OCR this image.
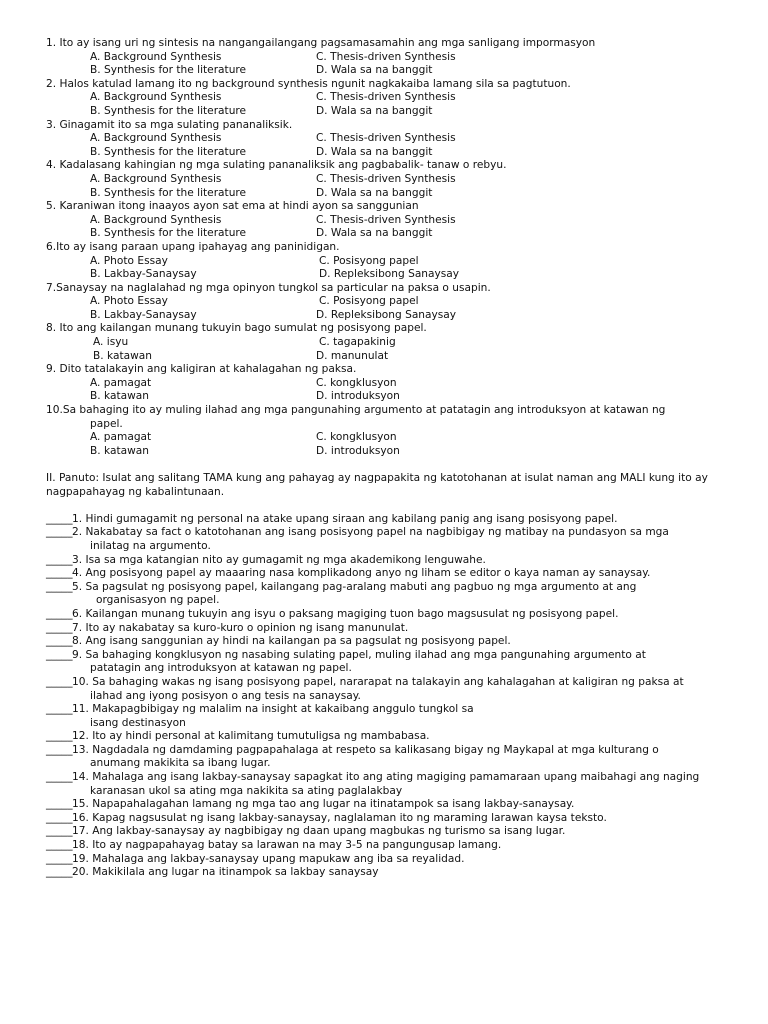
1. Ito ay isang uri ng sintesis na nangangailangang pagsamasamahin ang mga sanligang impormasyon
A. Background Synthesis	C. Thesis-driven Synthesis
B. Synthesis for the literature	D. Wala sa na banggit
2. Halos katulad lamang ito ng background synthesis ngunit nagkakaiba lamang sila sa pagtutuon.
A. Background Synthesis	C. Thesis-driven Synthesis
B. Synthesis for the literature	D. Wala sa na banggit
3. Ginagamit ito sa mga sulating pananaliksik.
A. Background Synthesis	C. Thesis-driven Synthesis
B. Synthesis for the literature	D. Wala sa na banggit
4. Kadalasang kahingian ng mga sulating pananaliksik ang pagbabalik- tanaw o rebyu.
A. Background Synthesis	C. Thesis-driven Synthesis
B. Synthesis for the literature	D. Wala sa na banggit
5. Karaniwan itong inaayos ayon sat ema at hindi ayon sa sanggunian
A. Background Synthesis	C. Thesis-driven Synthesis
B. Synthesis for the literature	D. Wala sa na banggit
6.Ito ay isang paraan upang ipahayag ang paninidigan.
A. Photo Essay	C. Posisyong papel
B. Lakbay-Sanaysay	D. Repleksibong Sanaysay
7.Sanaysay na naglalahad ng mga opinyon tungkol sa particular na paksa o usapin.
A. Photo Essay	C. Posisyong papel
B. Lakbay-Sanaysay	D. Repleksibong Sanaysay
8. Ito ang kailangan munang tukuyin bago sumulat ng posisyong papel.
A. isyu	C. tagapakinig
B. katawan	D. manunulat
9. Dito tatalakayin ang kaligiran at kahalagahan ng paksa.
A. pamagat	C. kongklusyon
B. katawan	D. introduksyon
10.Sa bahaging ito ay muling ilahad ang mga pangunahing argumento at patatagin ang introduksyon at katawan ng
papel.
A. pamagat	C. kongklusyon
B. katawan	D. introduksyon
II. Panuto: Isulat ang salitang TAMA kung ang pahayag ay nagpapakita ng katotohanan at isulat naman ang MALI kung ito ay nagpapahayag ng kabalintunaan.
_____ 1. Hindi gumagamit ng personal na atake upang siraan ang kabilang panig ang isang posisyong papel.
_____ 2. Nakabatay sa fact o katotohanan ang isang posisyong papel na nagbibigay ng matibay na pundasyon sa mga
inilatag na argumento.
_____ 3. Isa sa mga katangian nito ay gumagamit ng mga akademikong lenguwahe.
_____ 4. Ang posisyong papel ay maaaring nasa komplikadong anyo ng liham se editor o kaya naman ay sanaysay.
_____ 5. Sa pagsulat ng posisyong papel, kailangang pag-aralang mabuti ang pagbuo ng mga argumento at ang
organisasyon ng papel.
_____ 6. Kailangan munang tukuyin ang isyu o paksang magiging tuon bago magsusulat ng posisyong papel.
_____ 7. Ito ay nakabatay sa kuro-kuro o opinion ng isang manunulat.
_____ 8. Ang isang sanggunian ay hindi na kailangan pa sa pagsulat ng posisyong papel.
_____ 9. Sa bahaging kongklusyon ng nasabing sulating papel, muling ilahad ang mga pangunahing argumento at
patatagin ang introduksyon at katawan ng papel.
_____ 10. Sa bahaging wakas ng isang posisyong papel, nararapat na talakayin ang kahalagahan at kaligiran ng paksa at
ilahad ang iyong posisyon o ang tesis na sanaysay.
_____ 11. Makapagbibigay ng malalim na insight at kakaibang anggulo tungkol sa
isang destinasyon
_____ 12. Ito ay hindi personal at kalimitang tumutuligsa ng mambabasa.
_____ 13. Nagdadala ng damdaming pagpapahalaga at respeto sa kalikasang bigay ng Maykapal at mga kulturang o
anumang makikita sa ibang lugar.
_____ 14. Mahalaga ang isang lakbay-sanaysay sapagkat ito ang ating magiging pamamaraan upang maibahagi ang naging
karanasan ukol sa ating mga nakikita sa ating paglalakbay
_____ 15. Napapahalagahan lamang ng mga tao ang lugar na itinatampok sa isang lakbay-sanaysay.
_____ 16. Kapag nagsusulat ng isang lakbay-sanaysay, naglalaman ito ng maraming larawan kaysa teksto.
_____ 17. Ang lakbay-sanaysay ay nagbibigay ng daan upang magbukas ng turismo sa isang lugar.
_____ 18. Ito ay nagpapahayag batay sa larawan na may 3-5 na pangungusap lamang.
_____ 19. Mahalaga ang lakbay-sanaysay upang mapukaw ang iba sa reyalidad.
_____ 20. Makikilala ang lugar na itinampok sa lakbay sanaysay
